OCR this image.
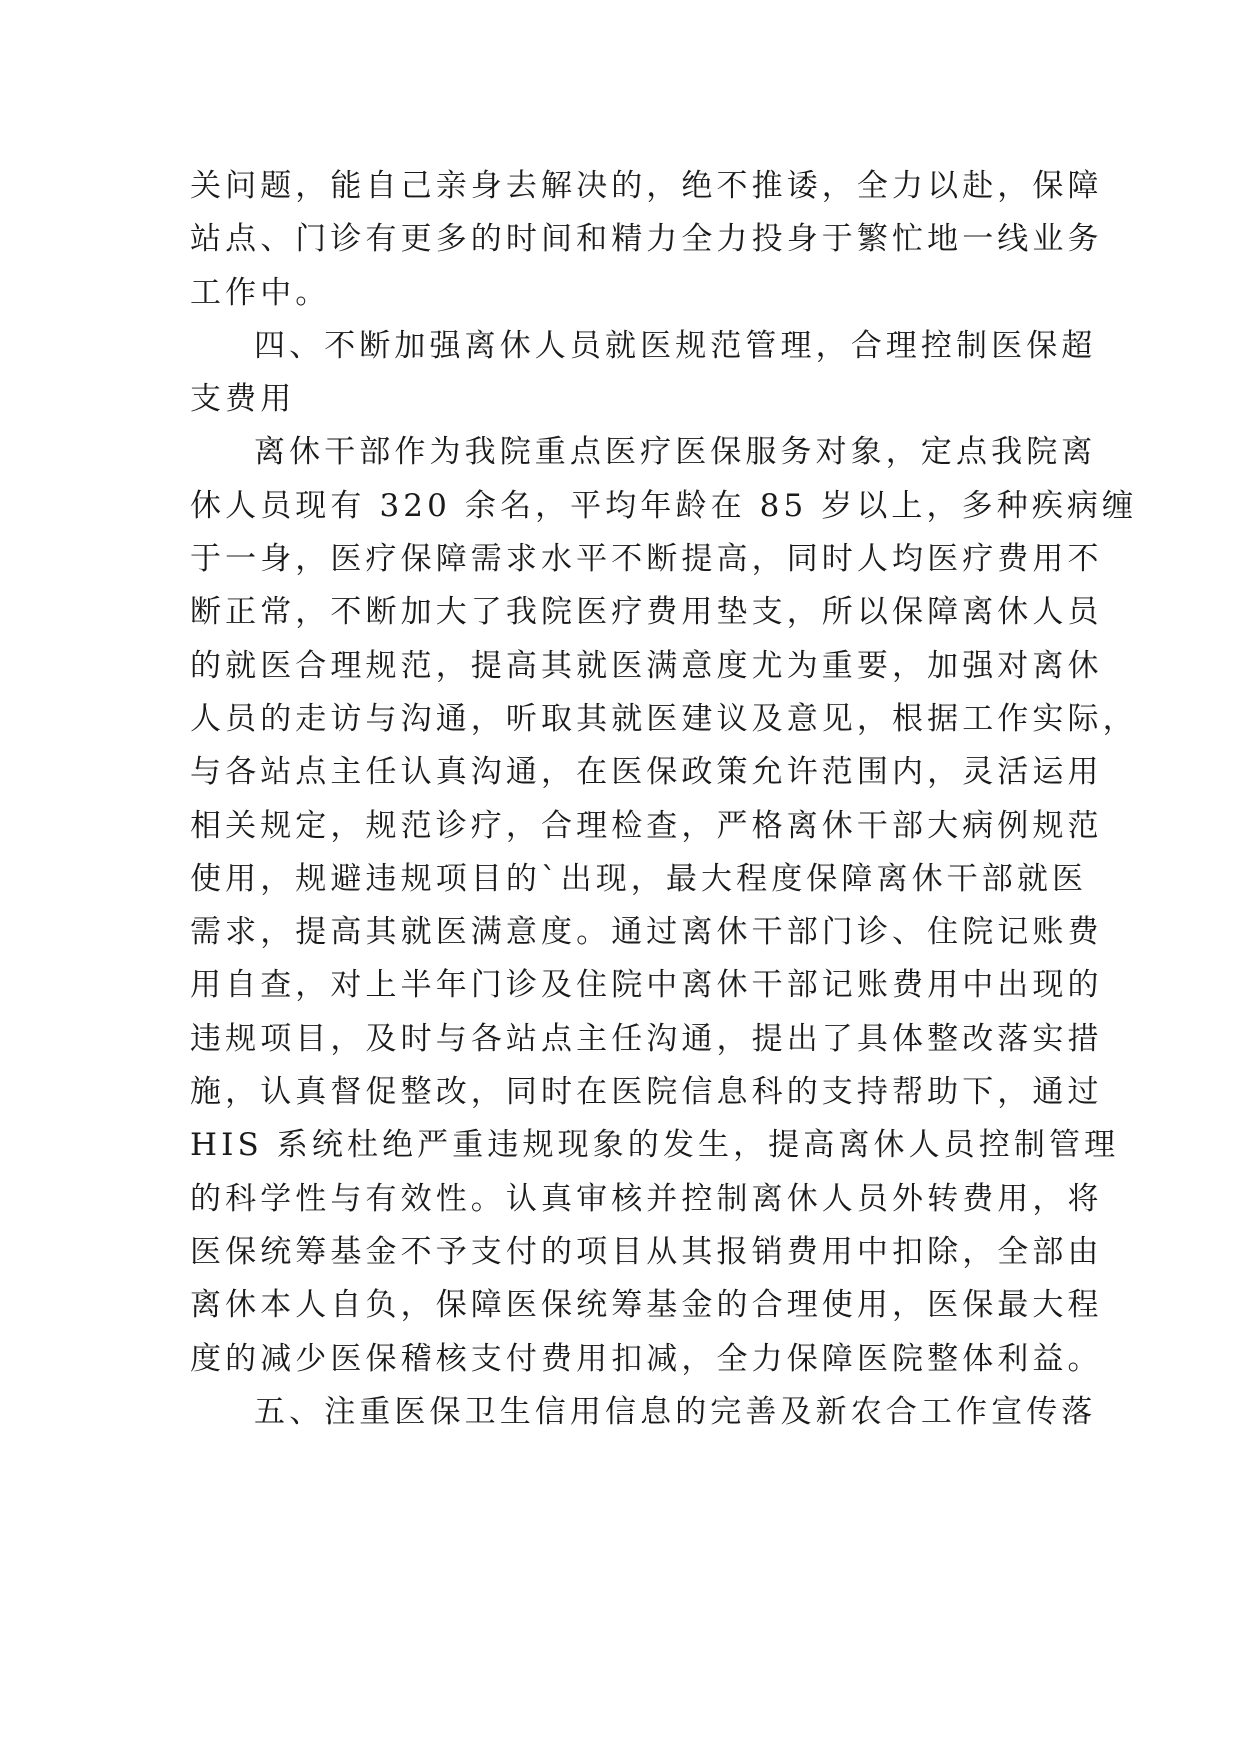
关问题，能自己亲身去解决的，绝不推诿，全力以赴，保障
站点、门诊有更多的时间和精力全力投身于繁忙地一线业务
工作中。
四、不断加强离休人员就医规范管理，合理控制医保超
支费用
离休干部作为我院重点医疗医保服务对象，定点我院离
休人员现有 320 余名，平均年龄在 85 岁以上，多种疾病缠
于一身，医疗保障需求水平不断提高，同时人均医疗费用不
断正常，不断加大了我院医疗费用垫支，所以保障离休人员
的就医合理规范，提高其就医满意度尤为重要，加强对离休
人员的走访与沟通，听取其就医建议及意见，根据工作实际，
与各站点主任认真沟通，在医保政策允许范围内，灵活运用
相关规定，规范诊疗，合理检查，严格离休干部大病例规范
使用，规避违规项目的`出现，最大程度保障离休干部就医
需求，提高其就医满意度。通过离休干部门诊、住院记账费
用自查，对上半年门诊及住院中离休干部记账费用中出现的
违规项目，及时与各站点主任沟通，提出了具体整改落实措
施，认真督促整改，同时在医院信息科的支持帮助下，通过
HIS 系统杜绝严重违规现象的发生，提高离休人员控制管理
的科学性与有效性。认真审核并控制离休人员外转费用，将
医保统筹基金不予支付的项目从其报销费用中扣除，全部由
离休本人自负，保障医保统筹基金的合理使用，医保最大程
度的减少医保稽核支付费用扣减，全力保障医院整体利益。
五、注重医保卫生信用信息的完善及新农合工作宣传落
